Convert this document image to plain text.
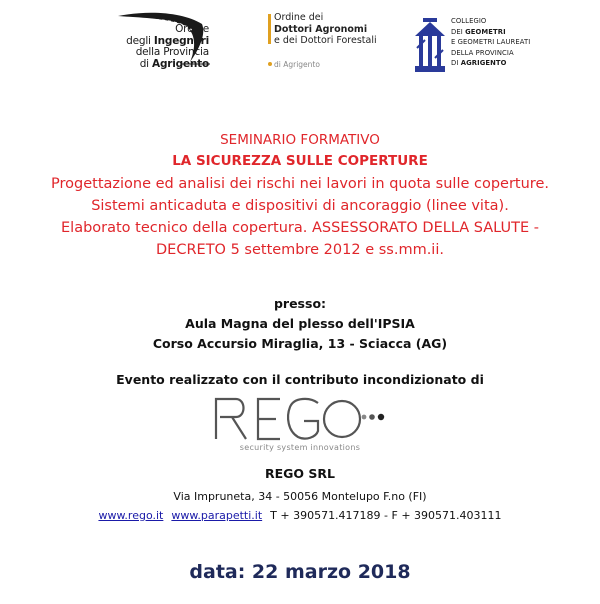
Ordine
degli Ingegneri
della Provincia
di Agrigento
Ordine dei
Dottori Agronomi
e dei Dottori Forestali
di Agrigento
COLLEGIO
DEI GEOMETRI
E GEOMETRI LAUREATI
DELLA PROVINCIA
DI AGRIGENTO
SEMINARIO FORMATIVO
LA SICUREZZA SULLE COPERTURE
Progettazione ed analisi dei rischi nei lavori in quota sulle coperture.
Sistemi anticaduta e dispositivi di ancoraggio (linee vita).
Elaborato tecnico della copertura. ASSESSORATO DELLA SALUTE -
DECRETO 5 settembre 2012 e ss.mm.ii.
presso:
Aula Magna del plesso dell'IPSIA
Corso Accursio Miraglia, 13 - Sciacca (AG)
Evento realizzato con il contributo incondizionato di
security system innovations
REGO SRL
Via Impruneta, 34 - 50056 Montelupo F.no (FI)
www.rego.it www.parapetti.it T + 390571.417189 - F + 390571.403111
data: 22 marzo 2018
